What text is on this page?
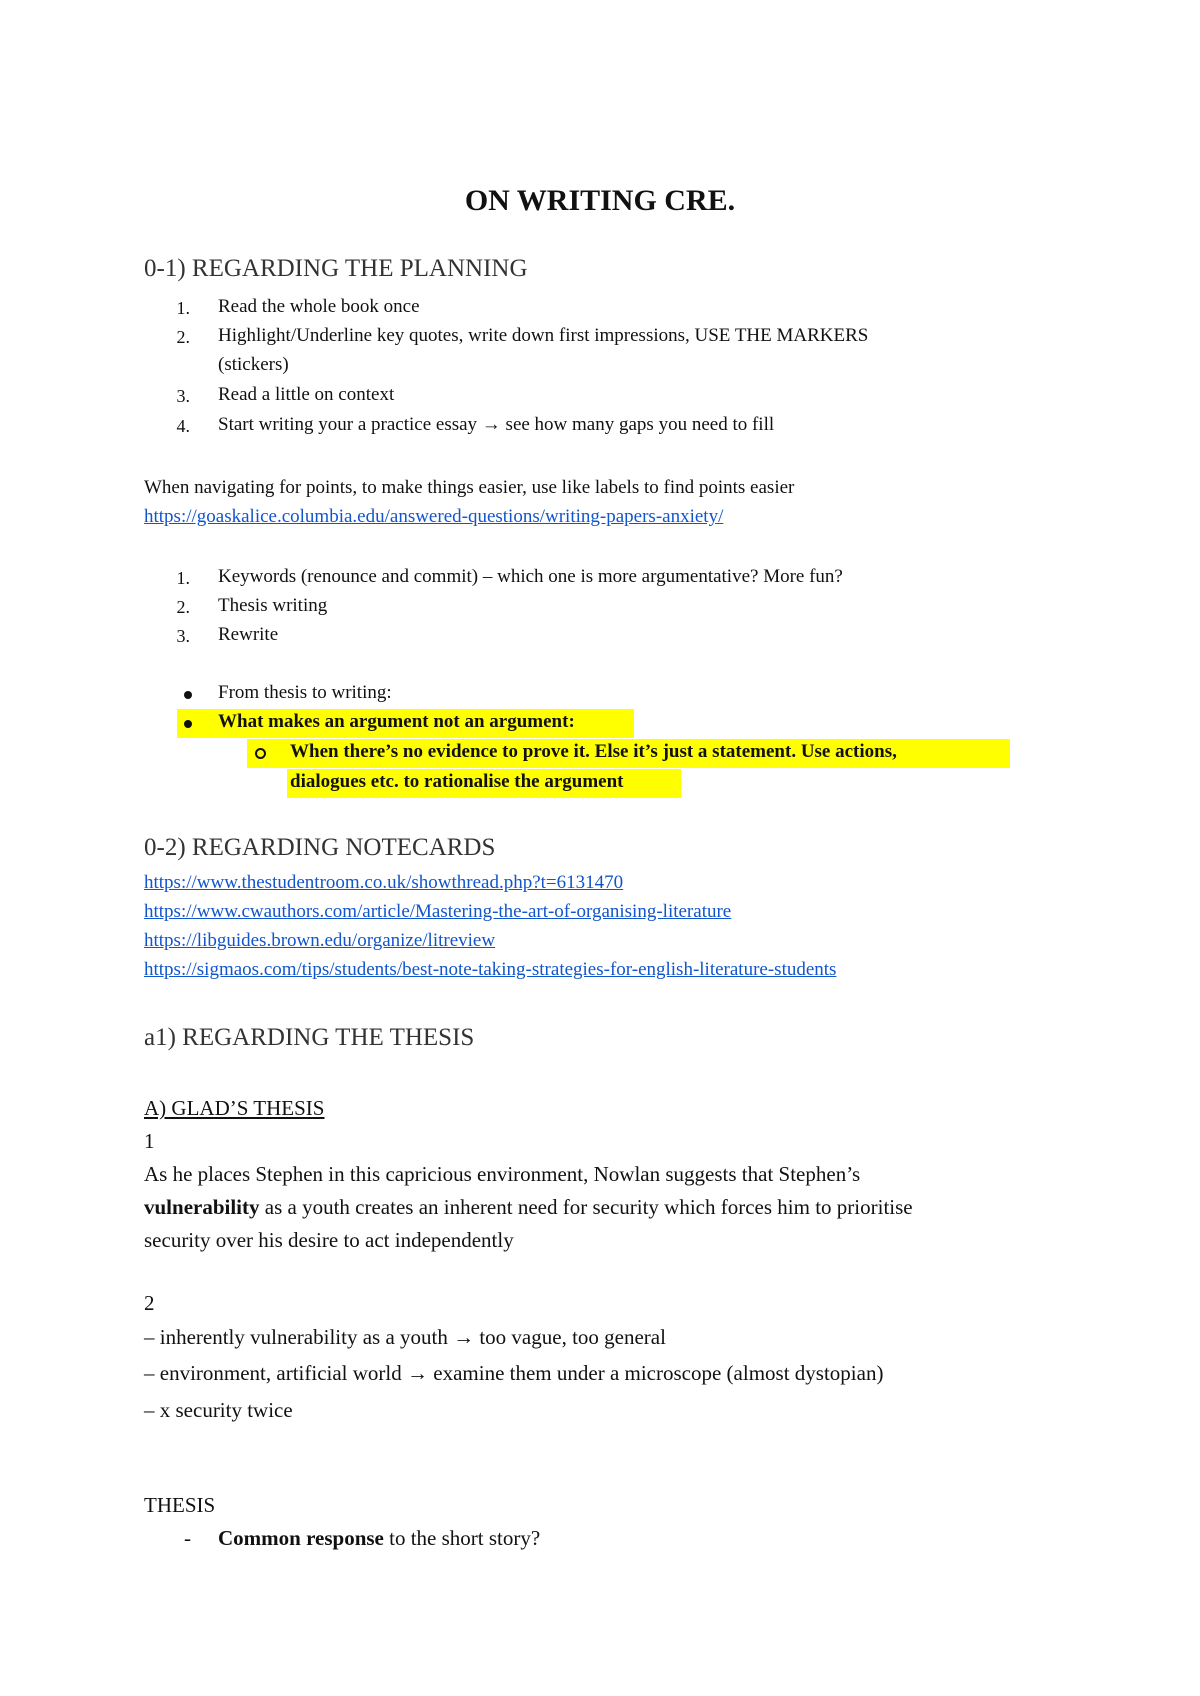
ON WRITING CRE.
0-1) REGARDING THE PLANNING
1. Read the whole book once
2. Highlight/Underline key quotes, write down first impressions, USE THE MARKERS
(stickers)
3. Read a little on context
4. Start writing your a practice essay → see how many gaps you need to fill
When navigating for points, to make things easier, use like labels to find points easier
https://goaskalice.columbia.edu/answered-questions/writing-papers-anxiety/
1. Keywords (renounce and commit) – which one is more argumentative? More fun?
2. Thesis writing
3. Rewrite
From thesis to writing:
What makes an argument not an argument:
When there’s no evidence to prove it. Else it’s just a statement. Use actions,
dialogues etc. to rationalise the argument
0-2) REGARDING NOTECARDS
https://www.thestudentroom.co.uk/showthread.php?t=6131470
https://www.cwauthors.com/article/Mastering-the-art-of-organising-literature
https://libguides.brown.edu/organize/litreview
https://sigmaos.com/tips/students/best-note-taking-strategies-for-english-literature-students
a1) REGARDING THE THESIS
A) GLAD’S THESIS
1
As he places Stephen in this capricious environment, Nowlan suggests that Stephen’s
vulnerability as a youth creates an inherent need for security which forces him to prioritise
security over his desire to act independently
2
– inherently vulnerability as a youth → too vague, too general
– environment, artificial world → examine them under a microscope (almost dystopian)
– x security twice
THESIS
- Common response to the short story?
